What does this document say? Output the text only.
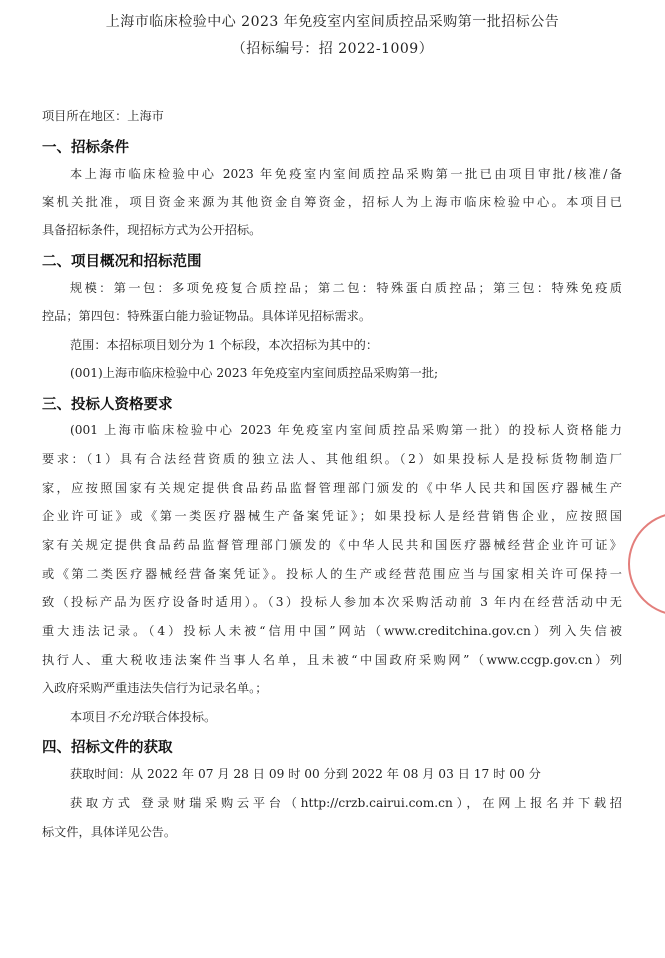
上海市临床检验中心 2023 年免疫室内室间质控品采购第一批招标公告
（招标编号：招 2022-1009）
项目所在地区：上海市
一、招标条件
本上海市临床检验中心 2023 年免疫室内室间质控品采购第一批已由项目审批/核准/备
案机关批准，项目资金来源为其他资金自筹资金，招标人为上海市临床检验中心。本项目已
具备招标条件，现招标方式为公开招标。
二、项目概况和招标范围
规模：第一包：多项免疫复合质控品；第二包：特殊蛋白质控品；第三包：特殊免疫质
控品；第四包：特殊蛋白能力验证物品。具体详见招标需求。
范围：本招标项目划分为 1 个标段，本次招标为其中的：
(001)上海市临床检验中心 2023 年免疫室内室间质控品采购第一批;
三、投标人资格要求
(001 上海市临床检验中心 2023 年免疫室内室间质控品采购第一批）的投标人资格能力
要求：（1）具有合法经营资质的独立法人、其他组织。（2）如果投标人是投标货物制造厂
家，应按照国家有关规定提供食品药品监督管理部门颁发的《中华人民共和国医疗器械生产
企业许可证》或《第一类医疗器械生产备案凭证》；如果投标人是经营销售企业，应按照国
家有关规定提供食品药品监督管理部门颁发的《中华人民共和国医疗器械经营企业许可证》
或《第二类医疗器械经营备案凭证》。投标人的生产或经营范围应当与国家相关许可保持一
致（投标产品为医疗设备时适用）。（3）投标人参加本次采购活动前 3 年内在经营活动中无
重大违法记录。（4）投标人未被“信用中国”网站（www.creditchina.gov.cn）列入失信被
执行人、重大税收违法案件当事人名单，且未被“中国政府采购网”（www.ccgp.gov.cn）列
入政府采购严重违法失信行为记录名单。；
本项目不允许联合体投标。
四、招标文件的获取
获取时间：从 2022 年 07 月 28 日 09 时 00 分到 2022 年 08 月 03 日 17 时 00 分
获取方式 登录财瑞采购云平台（http://crzb.cairui.com.cn），在网上报名并下载招
标文件，具体详见公告。
